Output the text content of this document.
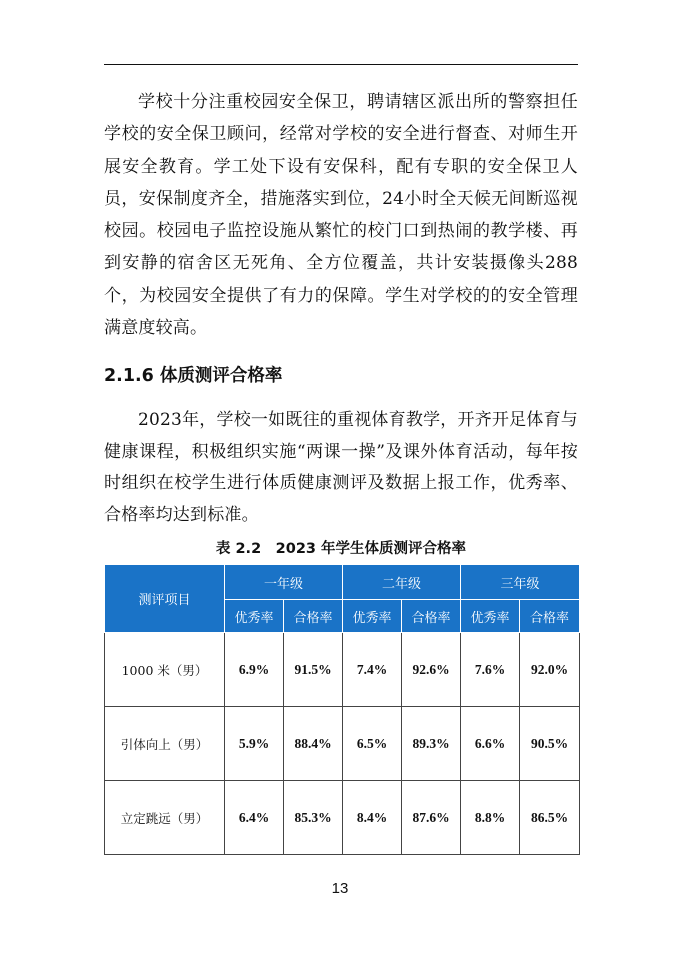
学校十分注重校园安全保卫，聘请辖区派出所的警察担任学校的安全保卫顾问，经常对学校的安全进行督查、对师生开展安全教育。学工处下设有安保科，配有专职的安全保卫人员，安保制度齐全，措施落实到位，24小时全天候无间断巡视校园。校园电子监控设施从繁忙的校门口到热闹的教学楼、再到安静的宿舍区无死角、全方位覆盖，共计安装摄像头288个，为校园安全提供了有力的保障。学生对学校的的安全管理满意度较高。

2.1.6 体质测评合格率

2023年，学校一如既往的重视体育教学，开齐开足体育与健康课程，积极组织实施“两课一操”及课外体育活动，每年按时组织在校学生进行体质健康测评及数据上报工作，优秀率、合格率均达到标准。

表 2.2　2023 年学生体质测评合格率
测评项目	一年级		二年级		三年级	
	优秀率	合格率	优秀率	合格率	优秀率	合格率
1000 米（男）	6.9%	91.5%	7.4%	92.6%	7.6%	92.0%
引体向上（男）	5.9%	88.4%	6.5%	89.3%	6.6%	90.5%
立定跳远（男）	6.4%	85.3%	8.4%	87.6%	8.8%	86.5%
13
